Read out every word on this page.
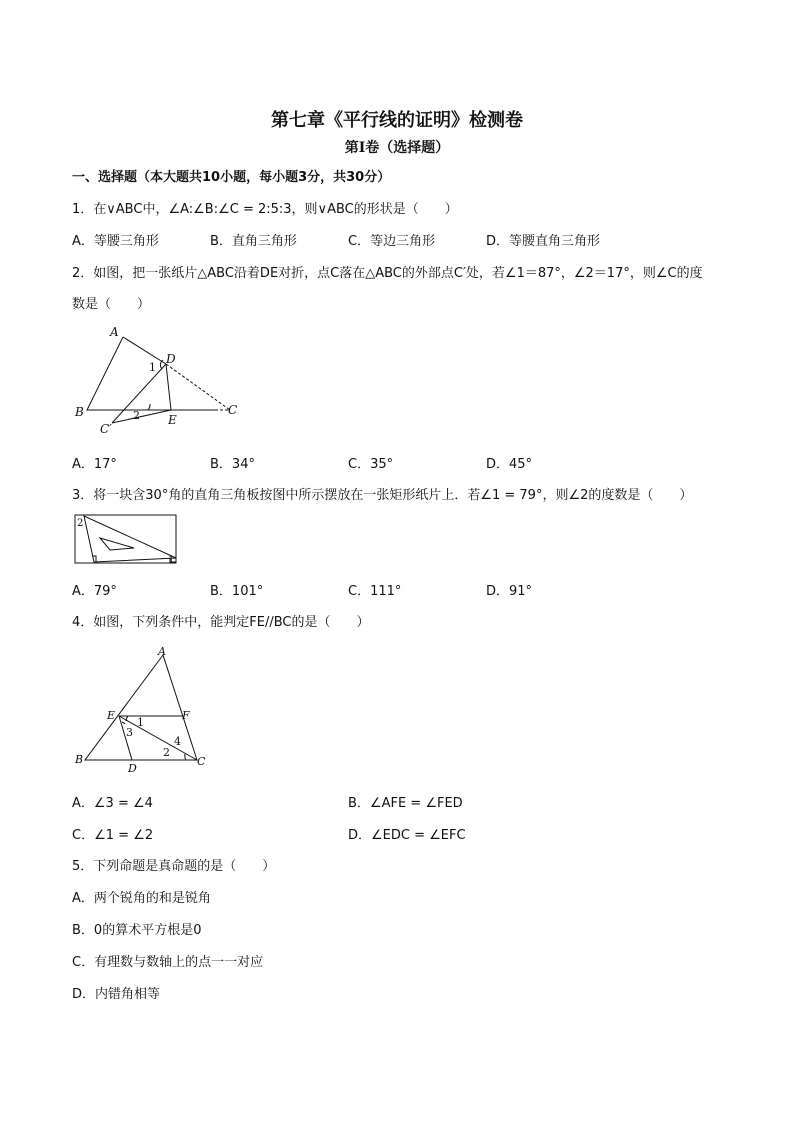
第七章《平行线的证明》检测卷
第I卷（选择题）
一、选择题（本大题共10小题，每小题3分，共30分）
1．在∨ABC中，∠A:∠B:∠C = 2:5:3，则∨ABC的形状是（　　）
A．等腰三角形	B．直角三角形	C．等边三角形	D．等腰直角三角形
2．如图，把一张纸片△ABC沿着DE对折，点C落在△ABC的外部点C′处，若∠1＝87°，∠2＝17°，则∠C的度
数是（　　）
A
B	C
D
E
C′
1
2
A．17°	B．34°	C．35°	D．45°
3．将一块含30°角的直角三角板按图中所示摆放在一张矩形纸片上．若∠1 = 79°，则∠2的度数是（　　）
2
1
A．79°	B．101°	C．111°	D．91°
4．如图，下列条件中，能判定FE//BC的是（　　）
A
B	C
D
E	F
1
2
3
4
A．∠3 = ∠4	B．∠AFE = ∠FED
C．∠1 = ∠2	D．∠EDC = ∠EFC
5．下列命题是真命题的是（　　）
A．两个锐角的和是锐角
B．0的算术平方根是0
C．有理数与数轴上的点一一对应
D．内错角相等
